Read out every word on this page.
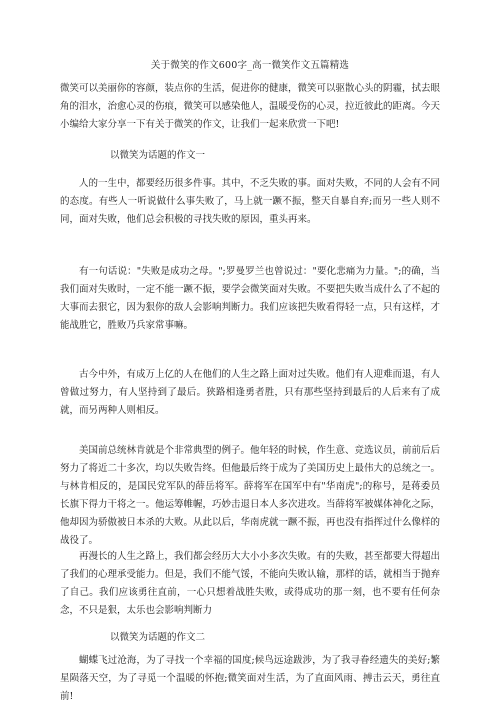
关于微笑的作文600字_高一微笑作文五篇精选

微笑可以美丽你的容颜，装点你的生活，促进你的健康，微笑可以驱散心头的阴霾，拭去眼角的泪水，治愈心灵的伤痕，微笑可以感染他人，温暖受伤的心灵，拉近彼此的距离。今天小编给大家分享一下有关于微笑的作文，让我们一起来欣赏一下吧!

以微笑为话题的作文一

人的一生中，都要经历很多件事。其中，不乏失败的事。面对失败，不同的人会有不同的态度。有些人一听说做什么事失败了，马上就一蹶不振，整天自暴自弃;而另一些人则不同，面对失败，他们总会积极的寻找失败的原因，重头再来。

有一句话说："失败是成功之母。";罗曼罗兰也曾说过："要化悲痛为力量。";的确，当我们面对失败时，一定不能一蹶不振，要学会微笑面对失败。不要把失败当成什么了不起的大事而去狠它，因为狠你的敌人会影响判断力。我们应该把失败看得轻一点，只有这样，才能战胜它，胜败乃兵家常事嘛。

古今中外，有成万上亿的人在他们的人生之路上面对过失败。他们有人迎难而退，有人曾做过努力，有人坚持到了最后。狭路相逢勇者胜，只有那些坚持到最后的人后来有了成就，而另两种人则相反。

美国前总统林肯就是个非常典型的例子。他年轻的时候，作生意、竞选议员，前前后后努力了将近二十多次，均以失败告终。但他最后终于成为了美国历史上最伟大的总统之一。与林肯相反的，是国民党军队的薛岳将军。薛将军在国军中有"华南虎";的称号，是蒋委员长旗下得力干将之一。他运筹帷幄，巧妙击退日本人多次进攻。当薛将军被媒体神化之际，他却因为骄傲被日本杀的大败。从此以后，华南虎就一蹶不振，再也没有指挥过什么像样的战役了。

再漫长的人生之路上，我们都会经历大大小小多次失败。有的失败，甚至都要大得超出了我们的心理承受能力。但是，我们不能气馁，不能向失败认输，那样的话，就相当于抛弃了自己。我们应该勇往直前，一心只想着战胜失败，或得成功的那一刻，也不要有任何杂念，不只是狠，太乐也会影响判断力

以微笑为话题的作文二

蝴蝶飞过沧海，为了寻找一个幸福的国度;候鸟远途跋涉，为了我寻眷经遗失的美好;繁星陨落天空，为了寻觅一个温暖的怀抱;微笑面对生活，为了直面风雨、搏击云天，勇往直前!
